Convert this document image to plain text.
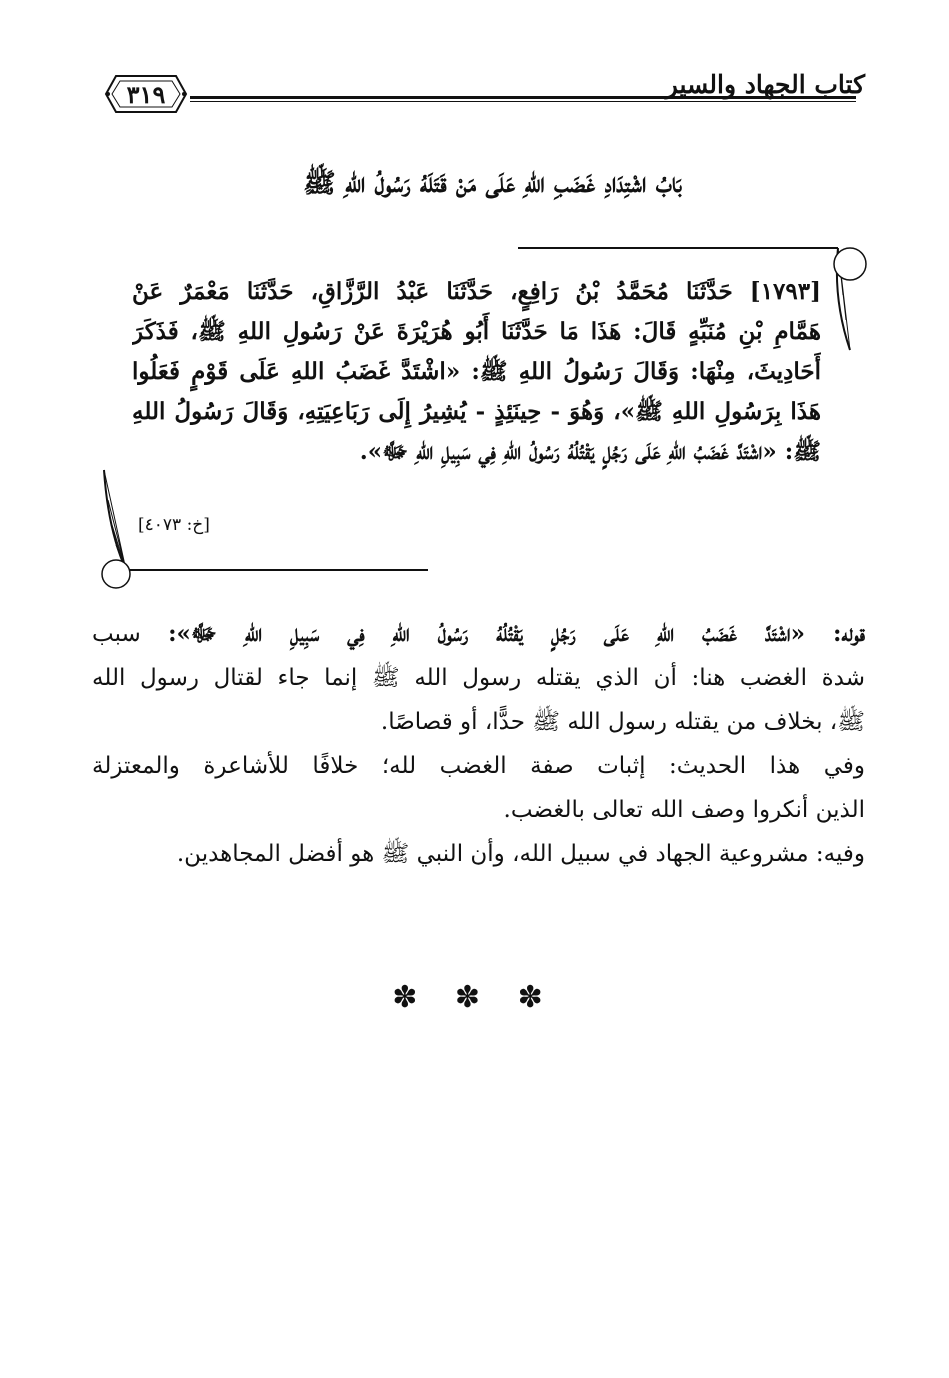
كتاب الجهاد والسير
٣١٩
بَابُ اشْتِدَادِ غَضَبِ اللهِ عَلَى مَنْ قَتَلَهُ رَسُولُ اللهِ ﷺ
[١٧٩٣] حَدَّثَنَا مُحَمَّدُ بْنُ رَافِعٍ، حَدَّثَنَا عَبْدُ الرَّزَّاقِ، حَدَّثَنَا مَعْمَرٌ عَنْ
هَمَّامِ بْنِ مُنَبِّهٍ قَالَ: هَذَا مَا حَدَّثَنَا أَبُو هُرَيْرَةَ عَنْ رَسُولِ اللهِ ﷺ، فَذَكَرَ
أَحَادِيثَ، مِنْهَا: وَقَالَ رَسُولُ اللهِ ﷺ: «اشْتَدَّ غَضَبُ اللهِ عَلَى قَوْمٍ فَعَلُوا
هَذَا بِرَسُولِ اللهِ ﷺ»، وَهُوَ - حِينَئِذٍ - يُشِيرُ إِلَى رَبَاعِيَتِهِ، وَقَالَ رَسُولُ اللهِ
ﷺ: «اشْتَدَّ غَضَبُ اللهِ عَلَى رَجُلٍ يَقْتُلُهُ رَسُولُ اللهِ فِي سَبِيلِ اللهِ ﷻ».
[خ: ٤٠٧٣]
قوله: «اشْتَدَّ غَضَبُ اللهِ عَلَى رَجُلٍ يَقْتُلُهُ رَسُولُ اللهِ فِي سَبِيلِ اللهِ ﷻ»: سبب
شدة الغضب هنا: أن الذي يقتله رسول الله ﷺ إنما جاء لقتال رسول الله
ﷺ، بخلاف من يقتله رسول الله ﷺ حدًّا، أو قصاصًا.
وفي هذا الحديث: إثبات صفة الغضب لله؛ خلافًا للأشاعرة والمعتزلة
الذين أنكروا وصف الله تعالى بالغضب.
وفيه: مشروعية الجهاد في سبيل الله، وأن النبي ﷺ هو أفضل المجاهدين.
✽ ✽ ✽
